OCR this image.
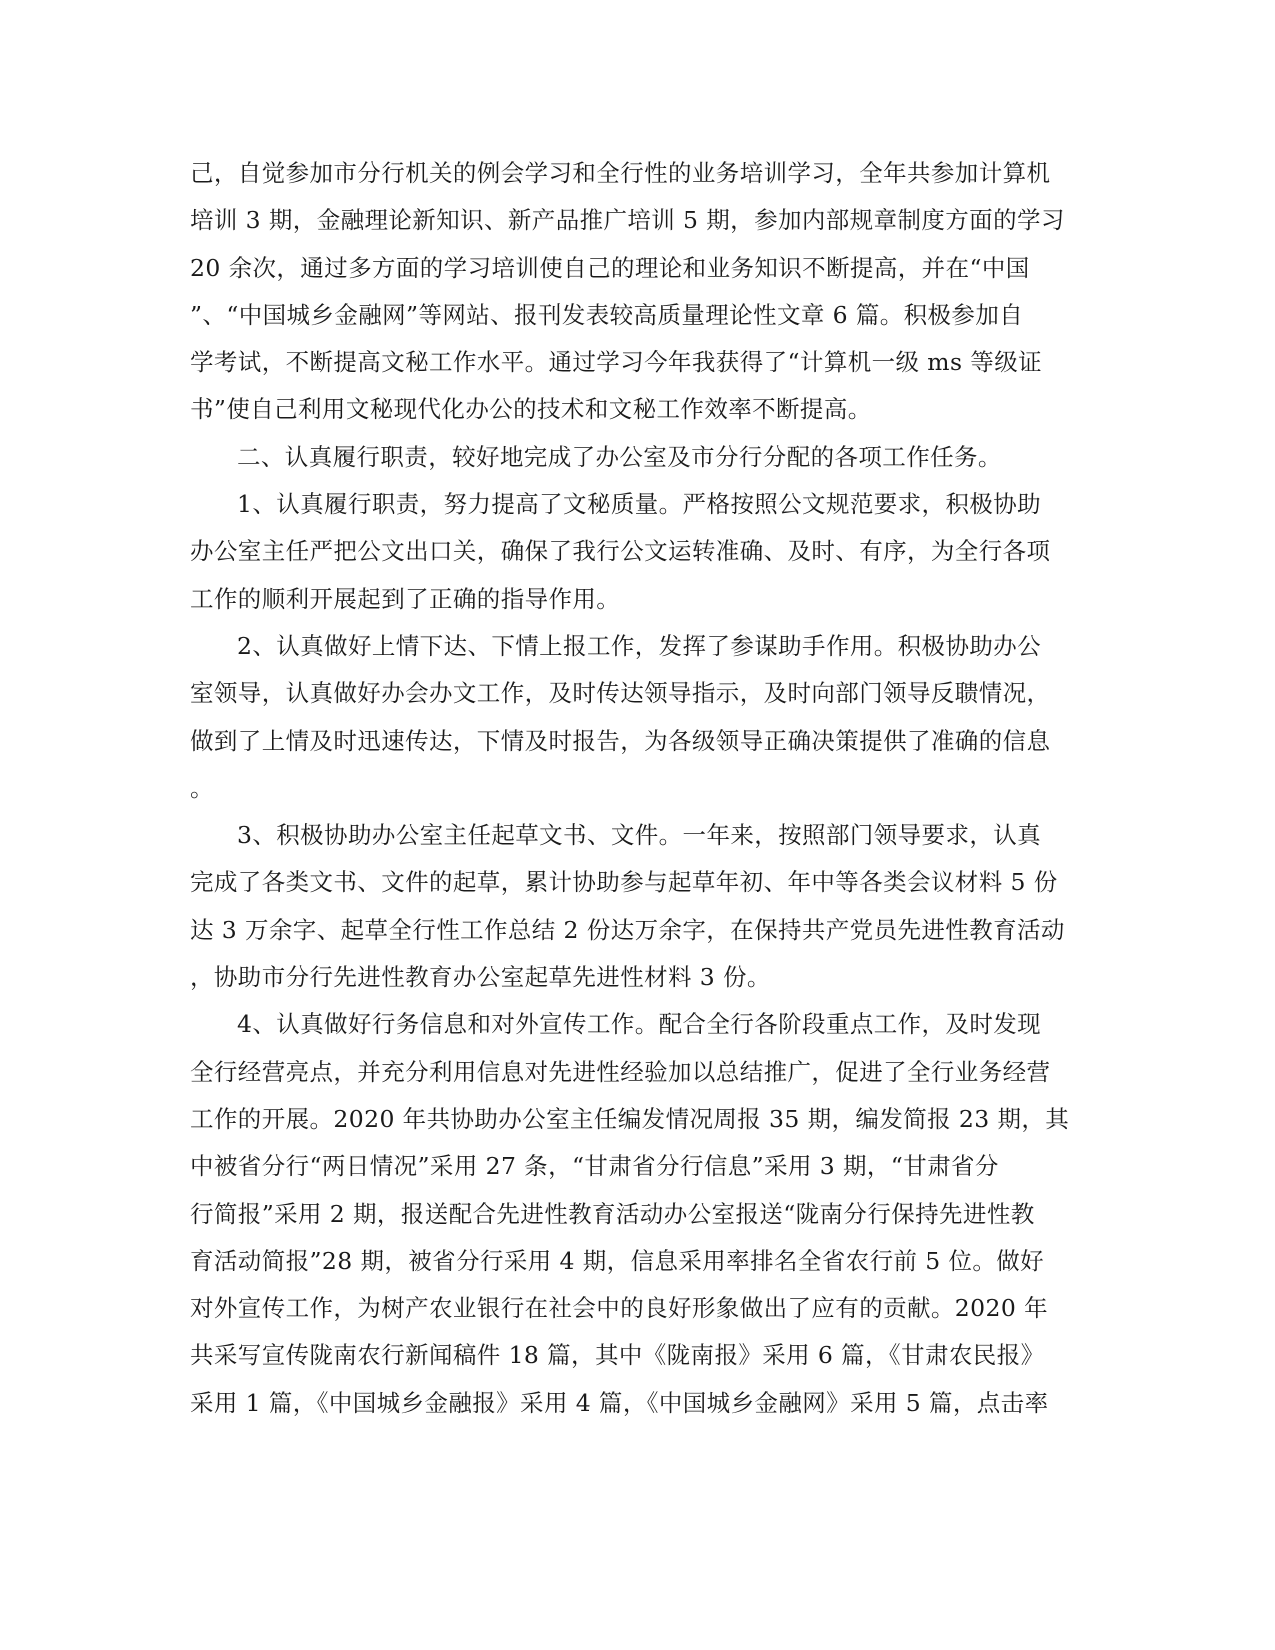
己，自觉参加市分行机关的例会学习和全行性的业务培训学习，全年共参加计算机
培训 3 期，金融理论新知识、新产品推广培训 5 期，参加内部规章制度方面的学习
20 余次，通过多方面的学习培训使自己的理论和业务知识不断提高，并在“中国
”、“中国城乡金融网”等网站、报刊发表较高质量理论性文章 6 篇。积极参加自
学考试，不断提高文秘工作水平。通过学习今年我获得了“计算机一级 ms 等级证
书”使自己利用文秘现代化办公的技术和文秘工作效率不断提高。
二、认真履行职责，较好地完成了办公室及市分行分配的各项工作任务。
1、认真履行职责，努力提高了文秘质量。严格按照公文规范要求，积极协助
办公室主任严把公文出口关，确保了我行公文运转准确、及时、有序，为全行各项
工作的顺利开展起到了正确的指导作用。
2、认真做好上情下达、下情上报工作，发挥了参谋助手作用。积极协助办公
室领导，认真做好办会办文工作，及时传达领导指示，及时向部门领导反聩情况，
做到了上情及时迅速传达，下情及时报告，为各级领导正确决策提供了准确的信息
。
3、积极协助办公室主任起草文书、文件。一年来，按照部门领导要求，认真
完成了各类文书、文件的起草，累计协助参与起草年初、年中等各类会议材料 5 份
达 3 万余字、起草全行性工作总结 2 份达万余字，在保持共产党员先进性教育活动
，协助市分行先进性教育办公室起草先进性材料 3 份。
4、认真做好行务信息和对外宣传工作。配合全行各阶段重点工作，及时发现
全行经营亮点，并充分利用信息对先进性经验加以总结推广，促进了全行业务经营
工作的开展。2020 年共协助办公室主任编发情况周报 35 期，编发简报 23 期，其
中被省分行“两日情况”采用 27 条，“甘肃省分行信息”采用 3 期，“甘肃省分
行简报”采用 2 期，报送配合先进性教育活动办公室报送“陇南分行保持先进性教
育活动简报”28 期，被省分行采用 4 期，信息采用率排名全省农行前 5 位。做好
对外宣传工作，为树产农业银行在社会中的良好形象做出了应有的贡献。2020 年
共采写宣传陇南农行新闻稿件 18 篇，其中《陇南报》采用 6 篇，《甘肃农民报》
采用 1 篇，《中国城乡金融报》采用 4 篇，《中国城乡金融网》采用 5 篇，点击率
